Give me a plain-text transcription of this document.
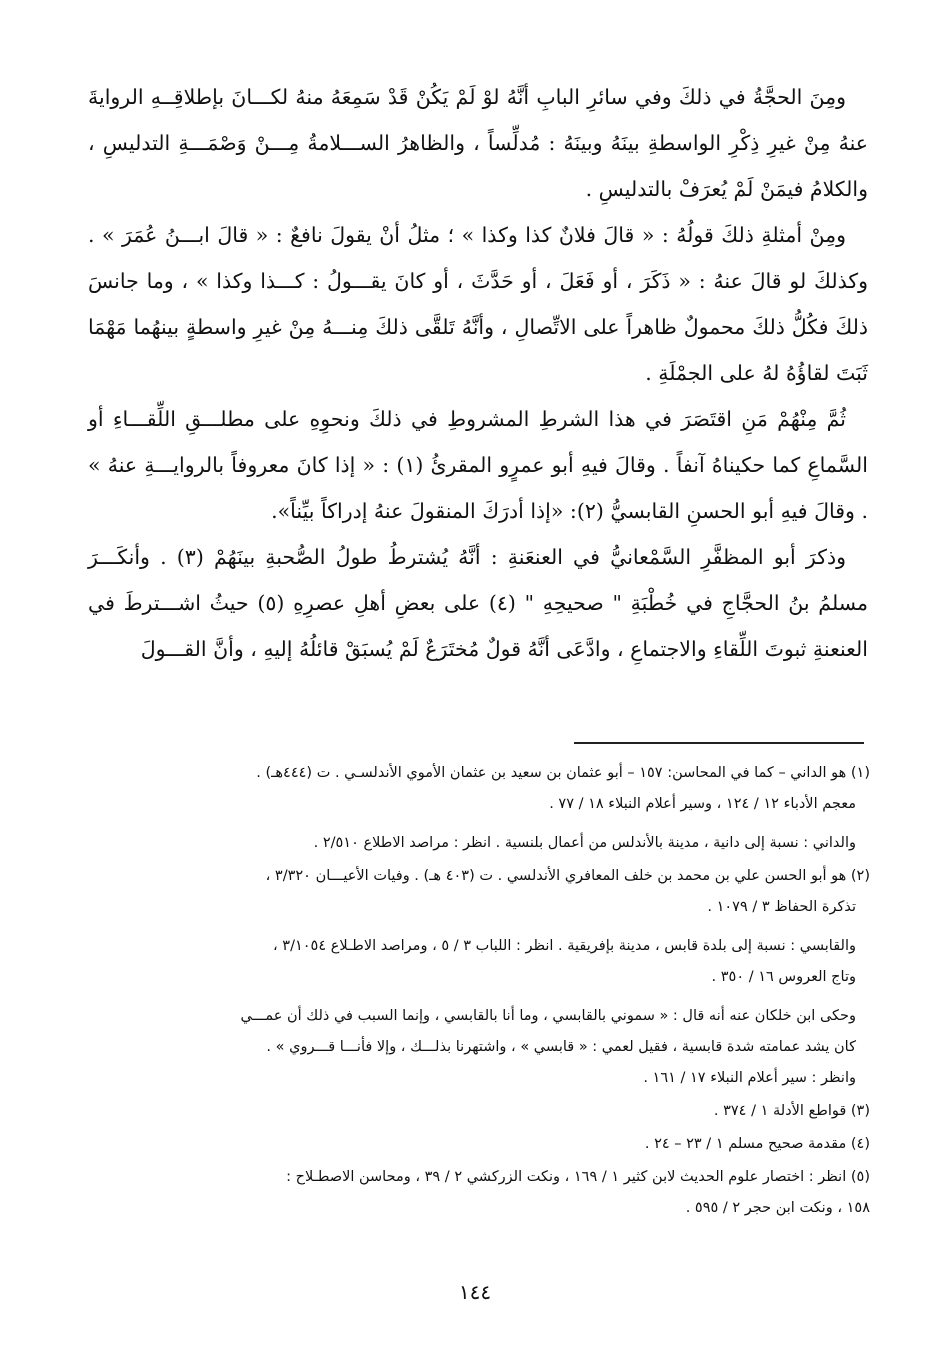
ومِنَ الحجَّةُ في ذلكَ وفي سائرِ البابِ أنَّهُ لوْ لَمْ يَكُنْ قَدْ سَمِعَهُ منهُ لكـــانَ بإطلاقِــهِ الروايةَ عنهُ مِنْ غيرِ ذِكْرِ الواسطةِ بينَهُ وبينَهُ : مُدلِّساً ، والظاهرُ الســـلامةُ مِـــنْ وَصْمَـــةِ التدليسِ ، والكلامُ فيمَنْ لَمْ يُعرَفْ بالتدليسِ .

ومِنْ أمثلةِ ذلكَ قولُهُ : « قالَ فلانٌ كذا وكذا » ؛ مثلُ أنْ يقولَ نافعٌ : « قالَ ابـــنُ عُمَرَ » . وكذلكَ لو قالَ عنهُ : « ذَكَرَ ، أو فَعَلَ ، أو حَدَّثَ ، أو كانَ يقـــولُ : كـــذا وكذا » ، وما جانسَ ذلكَ فكُلُّ ذلكَ محمولٌ ظاهراً على الاتِّصالِ ، وأنَّهُ تَلقَّى ذلكَ مِنـــهُ مِنْ غيرِ واسطةٍ بينهُما مَهْمَا ثَبَتَ لقاؤُهُ لهُ على الجمْلَةِ .

ثُمَّ مِنْهُمْ مَنِ اقتَصَرَ في هذا الشرطِ المشروطِ في ذلكَ ونحوِهِ على مطلـــقِ اللِّقـــاءِ أو السَّماعِ كما حكيناهُ آنفاً . وقالَ فيهِ أبو عمرٍو المقرئُ (١) : « إذا كانَ معروفاً بالروايـــةِ عنهُ » . وقالَ فيهِ أبو الحسنِ القابسيُّ (٢): «إذا أدرَكَ المنقولَ عنهُ إدراكاً بيِّناً».

وذكرَ أبو المظفَّرِ السَّمْعانيُّ في العنعَنةِ : أنَّهُ يُشترطُ طولُ الصُّحبةِ بينَهُمْ (٣) . وأنكَـــرَ مسلمُ بنُ الحجَّاجِ في خُطْبَةِ " صحيحِهِ " (٤) على بعضِ أهلِ عصرِهِ (٥) حيثُ اشـــترطَ في العنعنةِ ثبوتَ اللِّقاءِ والاجتماعِ ، وادَّعَى أنَّهُ قولٌ مُختَرَعٌ لَمْ يُسبَقْ قائلُهُ إليهِ ، وأنَّ القـــولَ

(١) هو الداني – كما في المحاسن: ١٥٧ – أبو عثمان بن سعيد بن عثمان الأموي الأندلسـي . ت (٤٤٤هـ) .
معجم الأدباء ١٢ / ١٢٤ ، وسير أعلام النبلاء ١٨ / ٧٧ .
والداني : نسبة إلى دانية ، مدينة بالأندلس من أعمال بلنسية . انظر : مراصد الاطلاع ٢/٥١٠ .
(٢) هو أبو الحسن علي بن محمد بن خلف المعافري الأندلسي . ت (٤٠٣ هـ) . وفيات الأعيـــان ٣/٣٢٠ ،
تذكرة الحفاظ ٣ / ١٠٧٩ .
والقابسي : نسبة إلى بلدة قابس ، مدينة بإفريقية . انظر : اللباب ٣ / ٥ ، ومراصد الاطـلاع ٣/١٠٥٤ ،
وتاج العروس ١٦ / ٣٥٠ .
وحكى ابن خلكان عنه أنه قال : « سموني بالقابسي ، وما أنا بالقابسي ، وإنما السبب في ذلك أن عمـــي
كان يشد عمامته شدة قابسية ، فقيل لعمي : « قابسي » ، واشتهرنا بذلـــك ، وإلا فأنـــا قـــروي » .
وانظر : سير أعلام النبلاء ١٧ / ١٦١ .
(٣) قواطع الأدلة ١ / ٣٧٤ .
(٤) مقدمة صحيح مسلم ١ / ٢٣ – ٢٤ .
(٥) انظر : اختصار علوم الحديث لابن كثير ١ / ١٦٩ ، ونكت الزركشي ٢ / ٣٩ ، ومحاسن الاصطـلاح :
١٥٨ ، ونكت ابن حجر ٢ / ٥٩٥ .
١٤٤
